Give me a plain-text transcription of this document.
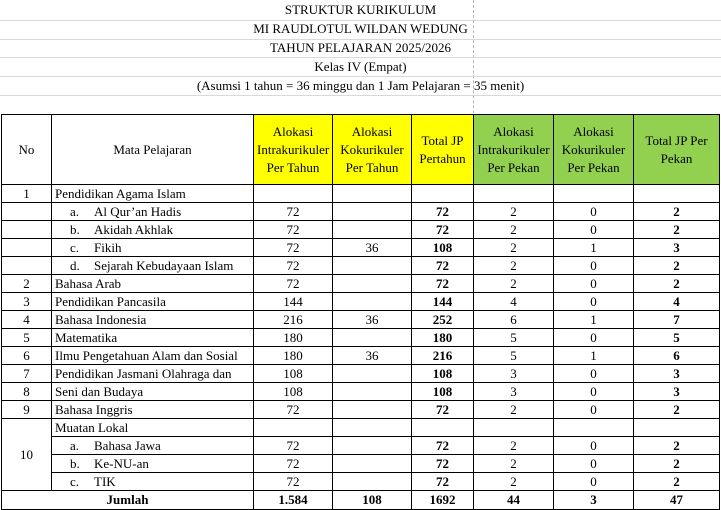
STRUKTUR KURIKULUM
MI RAUDLOTUL WILDAN WEDUNG
TAHUN PELAJARAN 2025/2026
Kelas IV (Empat)
(Asumsi 1 tahun = 36 minggu dan 1 Jam Pelajaran = 35 menit)
No	Mata Pelajaran	Alokasi Intrakurikuler Per Tahun	Alokasi Kokurikuler Per Tahun	Total JP Pertahun	Alokasi Intrakurikuler Per Pekan	Alokasi Kokurikuler Per Pekan	Total JP Per Pekan
1	Pendidikan Agama Islam						
	a. Al Qur’an Hadis	72		72	2	0	2
	b. Akidah Akhlak	72		72	2	0	2
	c. Fikih	72	36	108	2	1	3
	d. Sejarah Kebudayaan Islam	72		72	2	0	2
2	Bahasa Arab	72		72	2	0	2
3	Pendidikan Pancasila	144		144	4	0	4
4	Bahasa Indonesia	216	36	252	6	1	7
5	Matematika	180		180	5	0	5
6	Ilmu Pengetahuan Alam dan Sosial	180	36	216	5	1	6
7	Pendidikan Jasmani Olahraga dan	108		108	3	0	3
8	Seni dan Budaya	108		108	3	0	3
9	Bahasa Inggris	72		72	2	0	2
10	Muatan Lokal						
	a. Bahasa Jawa	72		72	2	0	2
	b. Ke-NU-an	72		72	2	0	2
	c. TIK	72		72	2	0	2
Jumlah		1.584	108	1692	44	3	47
